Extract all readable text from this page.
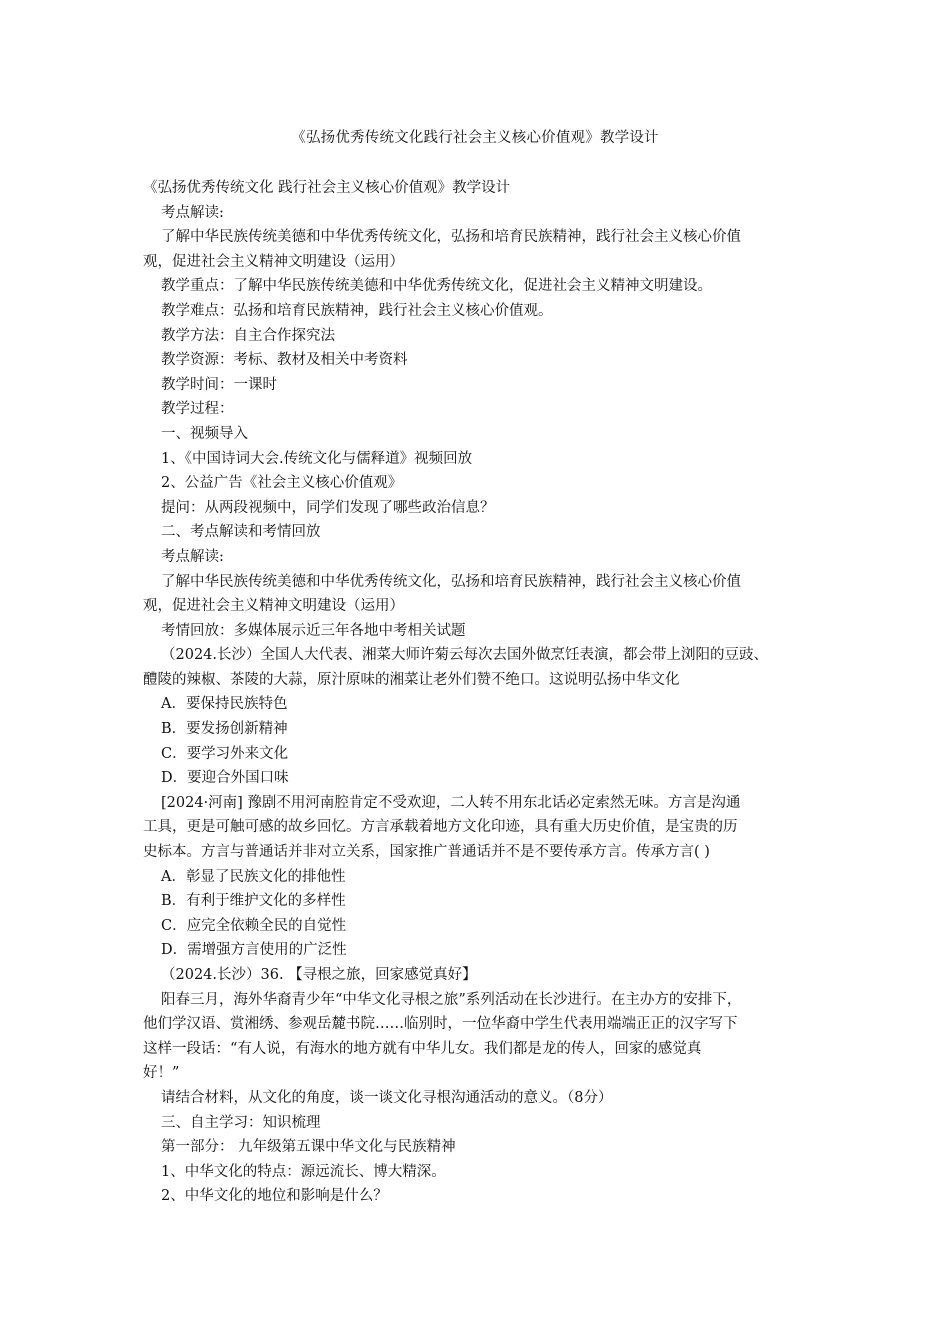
《弘扬优秀传统文化践行社会主义核心价值观》教学设计
《弘扬优秀传统文化 践行社会主义核心价值观》教学设计
考点解读:
了解中华民族传统美德和中华优秀传统文化，弘扬和培育民族精神，践行社会主义核心价值
观，促进社会主义精神文明建设（运用）
教学重点：了解中华民族传统美德和中华优秀传统文化，促进社会主义精神文明建设。
教学难点：弘扬和培育民族精神，践行社会主义核心价值观。
教学方法：自主合作探究法
教学资源：考标、教材及相关中考资料
教学时间：一课时
教学过程：
一、视频导入
1、《中国诗词大会.传统文化与儒释道》视频回放
2、公益广告《社会主义核心价值观》
提问：从两段视频中，同学们发现了哪些政治信息？
二、考点解读和考情回放
考点解读:
了解中华民族传统美德和中华优秀传统文化，弘扬和培育民族精神，践行社会主义核心价值
观，促进社会主义精神文明建设（运用）
考情回放：多媒体展示近三年各地中考相关试题
（2024.长沙）全国人大代表、湘菜大师许菊云每次去国外做烹饪表演，都会带上浏阳的豆豉、
醴陵的辣椒、茶陵的大蒜，原汁原味的湘菜让老外们赞不绝口。这说明弘扬中华文化
A．要保持民族特色
B．要发扬创新精神
C．要学习外来文化
D．要迎合外国口味
[2024·河南] 豫剧不用河南腔肯定不受欢迎，二人转不用东北话必定索然无味。方言是沟通
工具，更是可触可感的故乡回忆。方言承载着地方文化印迹，具有重大历史价值，是宝贵的历
史标本。方言与普通话并非对立关系，国家推广普通话并不是不要传承方言。传承方言( )
A．彰显了民族文化的排他性
B．有利于维护文化的多样性
C．应完全依赖全民的自觉性
D．需增强方言使用的广泛性
（2024.长沙）36. 【寻根之旅，回家感觉真好】
阳春三月，海外华裔青少年“中华文化寻根之旅”系列活动在长沙进行。在主办方的安排下，
他们学汉语、赏湘绣、参观岳麓书院……临别时，一位华裔中学生代表用端端正正的汉字写下
这样一段话：“有人说，有海水的地方就有中华儿女。我们都是龙的传人，回家的感觉真
好！”
请结合材料，从文化的角度，谈一谈文化寻根沟通活动的意义。（8分）
三、自主学习：知识梳理
第一部分： 九年级第五课中华文化与民族精神
1、中华文化的特点：源远流长、博大精深。
2、中华文化的地位和影响是什么？
